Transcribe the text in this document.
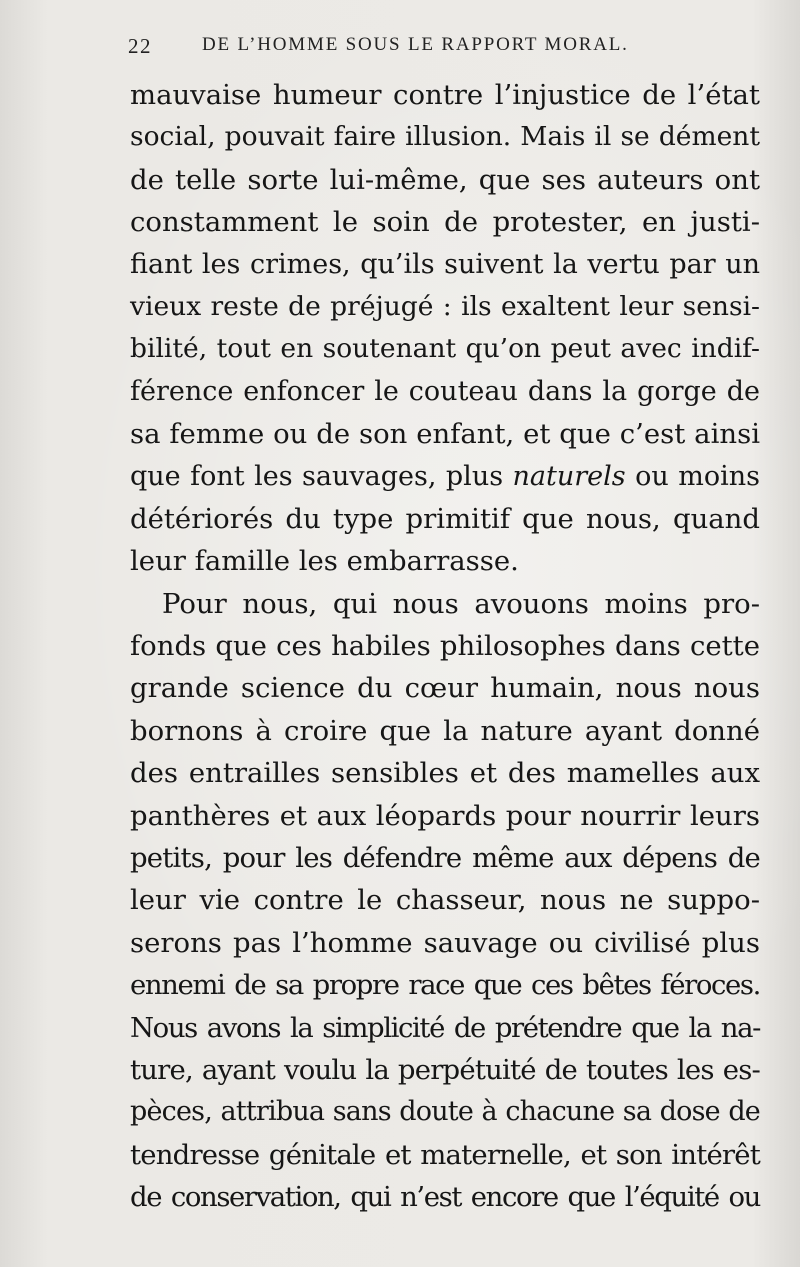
22	DE L’HOMME SOUS LE RAPPORT MORAL.
mauvaise humeur contre l’injustice de l’état
social, pouvait faire illusion. Mais il se dément
de telle sorte lui-même, que ses auteurs ont
constamment le soin de protester, en justi-
fiant les crimes, qu’ils suivent la vertu par un
vieux reste de préjugé : ils exaltent leur sensi-
bilité, tout en soutenant qu’on peut avec indif-
férence enfoncer le couteau dans la gorge de
sa femme ou de son enfant, et que c’est ainsi
que font les sauvages, plus naturels ou moins
détériorés du type primitif que nous, quand
leur famille les embarrasse.
Pour nous, qui nous avouons moins pro-
fonds que ces habiles philosophes dans cette
grande science du cœur humain, nous nous
bornons à croire que la nature ayant donné
des entrailles sensibles et des mamelles aux
panthères et aux léopards pour nourrir leurs
petits, pour les défendre même aux dépens de
leur vie contre le chasseur, nous ne suppo-
serons pas l’homme sauvage ou civilisé plus
ennemi de sa propre race que ces bêtes féroces.
Nous avons la simplicité de prétendre que la na-
ture, ayant voulu la perpétuité de toutes les es-
pèces, attribua sans doute à chacune sa dose de
tendresse génitale et maternelle, et son intérêt
de conservation, qui n’est encore que l’équité ou
